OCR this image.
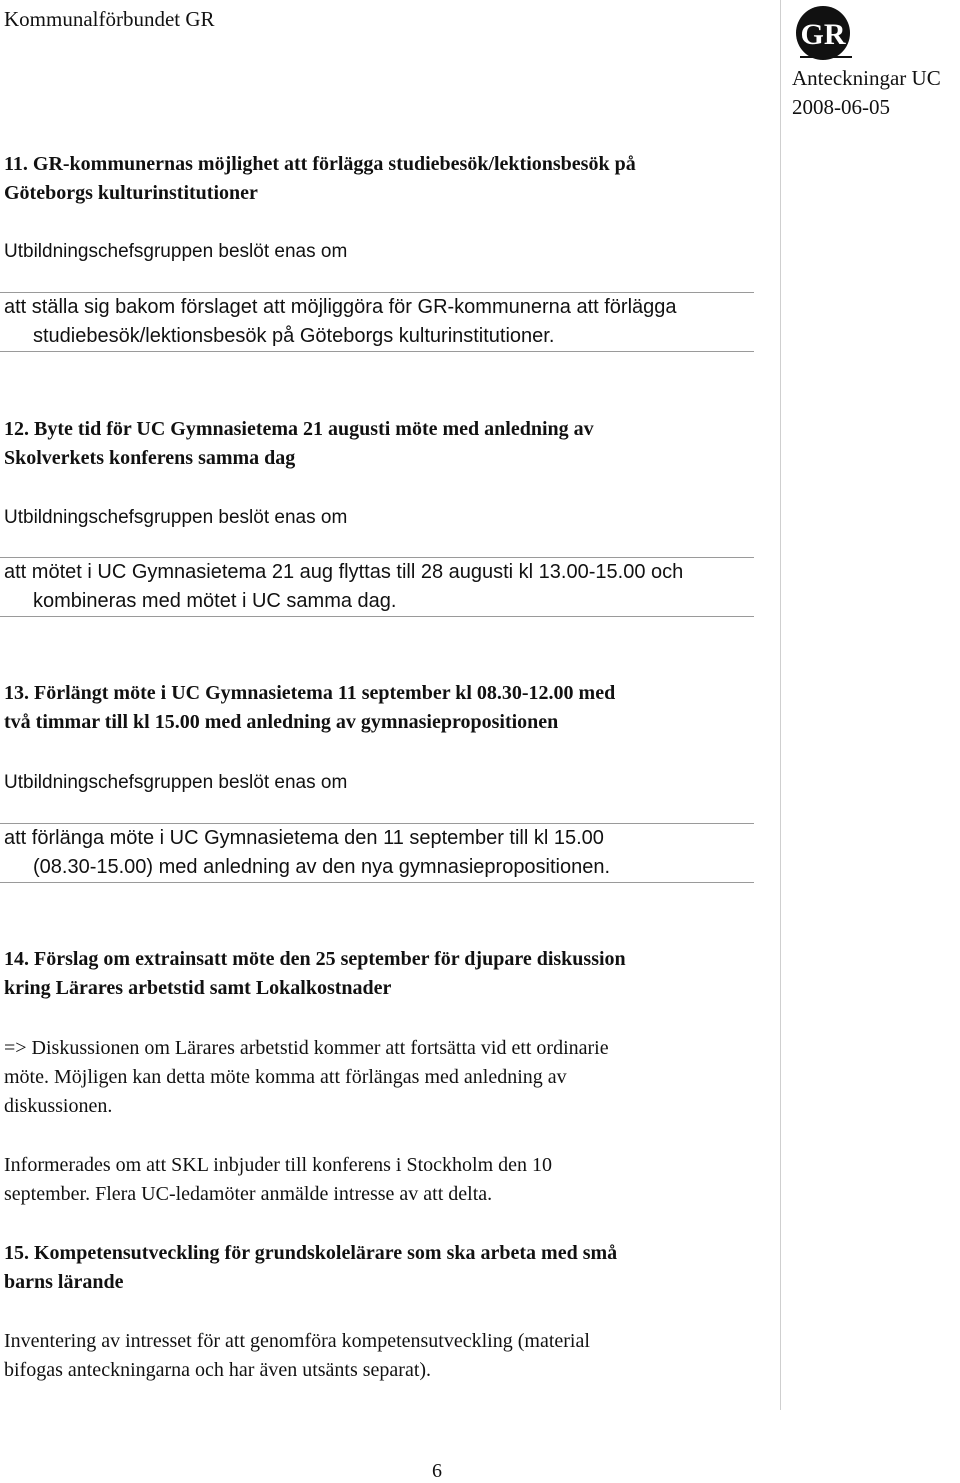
Kommunalförbundet GR	GR
Anteckningar UC
2008-06-05
11. GR-kommunernas möjlighet att förlägga studiebesök/lektionsbesök på
Göteborgs kulturinstitutioner
Utbildningschefsgruppen beslöt enas om

att ställa sig bakom förslaget att möjliggöra för GR-kommunerna att förlägga

studiebesök/lektionsbesök på Göteborgs kulturinstitutioner.

12. Byte tid för UC Gymnasietema 21 augusti möte med anledning av
Skolverkets konferens samma dag
Utbildningschefsgruppen beslöt enas om

att mötet i UC Gymnasietema 21 aug flyttas till 28 augusti kl 13.00-15.00 och

kombineras med mötet i UC samma dag.

13. Förlängt möte i UC Gymnasietema 11 september kl 08.30-12.00 med
två timmar till kl 15.00 med anledning av gymnasiepropositionen
Utbildningschefsgruppen beslöt enas om

att förlänga möte i UC Gymnasietema den 11 september till kl 15.00

(08.30-15.00) med anledning av den nya gymnasiepropositionen.

14. Förslag om extrainsatt möte den 25 september för djupare diskussion
kring Lärares arbetstid samt Lokalkostnader
=> Diskussionen om Lärares arbetstid kommer att fortsätta vid ett ordinarie
möte. Möjligen kan detta möte komma att förlängas med anledning av
diskussionen.
Informerades om att SKL inbjuder till konferens i Stockholm den 10
september. Flera UC-ledamöter anmälde intresse av att delta.
15. Kompetensutveckling för grundskolelärare som ska arbeta med små
barns lärande
Inventering av intresset för att genomföra kompetensutveckling (material
bifogas anteckningarna och har även utsänts separat).
6
